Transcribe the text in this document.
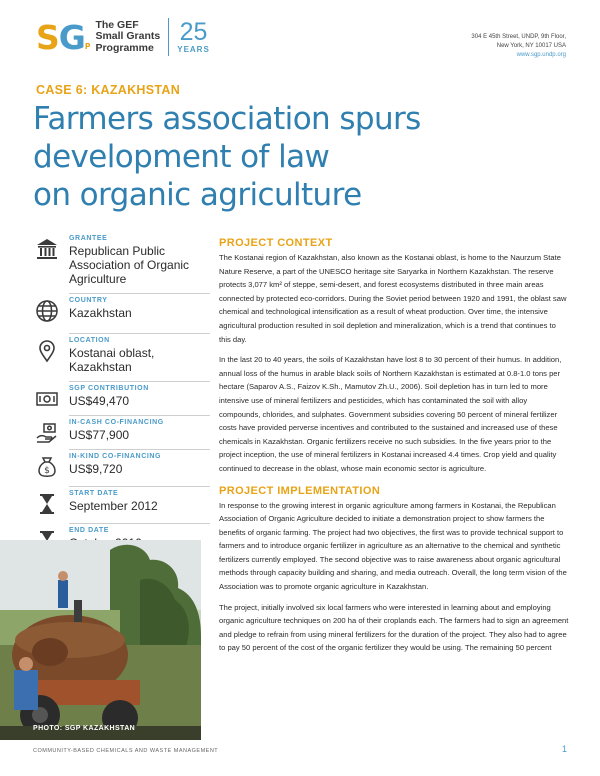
SGP
The GEF
Small Grants
Programme
25
YEARS
304 E 45th Street, UNDP, 9th Floor,
New York, NY 10017 USA
www.sgp.undp.org
CASE 6: KAZAKHSTAN
Farmers association spurs
development of law
on organic agriculture
GRANTEE
Republican Public Association of Organic Agriculture
COUNTRY
Kazakhstan
LOCATION
Kostanai oblast, Kazakhstan
SGP CONTRIBUTION
US$49,470
IN-CASH CO-FINANCING
US$77,900
$
IN-KIND CO-FINANCING
US$9,720
START DATE
September 2012
END DATE
PHOTO: SGP KAZAKHSTAN
COMMUNITY-BASED CHEMICALS AND WASTE MANAGEMENT	1
PROJECT CONTEXT

The Kostanai region of Kazakhstan, also known as the Kostanai oblast, is home to the Naurzum State Nature Reserve, a part of the UNESCO heritage site Saryarka in Northern Kazakhstan. The reserve protects 3,077 km² of steppe, semi-desert, and forest ecosystems distributed in three main areas connected by protected eco-corridors. During the Soviet period between 1920 and 1991, the oblast saw chemical and technological intensification as a result of wheat production. Over time, the intensive agricultural production resulted in soil depletion and mineralization, which is a trend that continues to this day.

In the last 20 to 40 years, the soils of Kazakhstan have lost 8 to 30 percent of their humus. In addition, annual loss of the humus in arable black soils of Northern Kazakhstan is estimated at 0.8-1.0 tons per hectare (Saparov A.S., Faizov K.Sh., Mamutov Zh.U., 2006). Soil depletion has in turn led to more intensive use of mineral fertilizers and pesticides, which has contaminated the soil with alloy compounds, chlorides, and sulphates. Government subsidies covering 50 percent of mineral fertilizer costs have provided perverse incentives and contributed to the sustained and increased use of these chemicals in Kazakhstan. Organic fertilizers receive no such subsidies. In the five years prior to the project inception, the use of mineral fertilizers in Kostanai increased 4.4 times. Crop yield and quality continued to decrease in the oblast, whose main economic sector is agriculture.

PROJECT IMPLEMENTATION

In response to the growing interest in organic agriculture among farmers in Kostanai, the Republican Association of Organic Agriculture decided to initiate a demonstration project to show farmers the benefits of organic farming. The project had two objectives, the first was to provide technical support to farmers and to introduce organic fertilizer in agriculture as an alternative to the chemical and synthetic fertilizers currently employed. The second objective was to raise awareness about organic agricultural methods through capacity building and sharing, and media outreach. Overall, the long term vision of the Association was to promote organic agriculture in Kazakhstan.

The project, initially involved six local farmers who were interested in learning about and employing organic agriculture techniques on 200 ha of their croplands each. The farmers had to sign an agreement and pledge to refrain from using mineral fertilizers for the duration of the project. They also had to agree to pay 50 percent of the cost of the organic fertilizer they would be using. The remaining 50 percent
